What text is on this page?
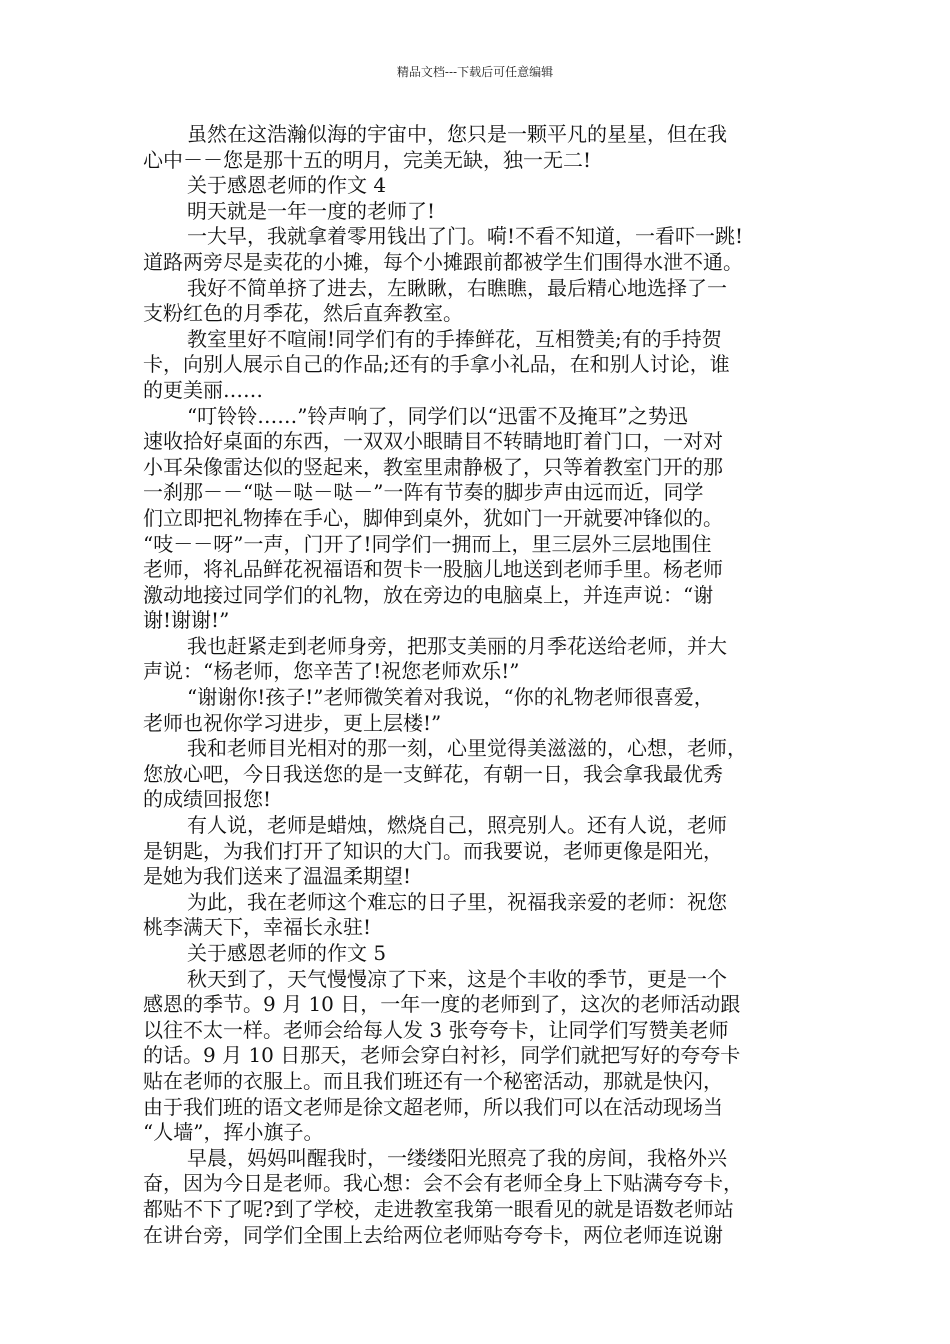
精品文档---下载后可任意编辑
虽然在这浩瀚似海的宇宙中，您只是一颗平凡的星星，但在我
心中－－您是那十五的明月，完美无缺，独一无二!
关于感恩老师的作文 4
明天就是一年一度的老师了!
一大早，我就拿着零用钱出了门。嗬!不看不知道，一看吓一跳!
道路两旁尽是卖花的小摊，每个小摊跟前都被学生们围得水泄不通。
我好不简单挤了进去，左瞅瞅，右瞧瞧，最后精心地选择了一
支粉红色的月季花，然后直奔教室。
教室里好不喧闹!同学们有的手捧鲜花，互相赞美;有的手持贺
卡，向别人展示自己的作品;还有的手拿小礼品，在和别人讨论，谁
的更美丽……
“叮铃铃……”铃声响了，同学们以“迅雷不及掩耳”之势迅
速收拾好桌面的东西，一双双小眼睛目不转睛地盯着门口，一对对
小耳朵像雷达似的竖起来，教室里肃静极了，只等着教室门开的那
一刹那－－“哒－哒－哒－”一阵有节奏的脚步声由远而近，同学
们立即把礼物捧在手心，脚伸到桌外，犹如门一开就要冲锋似的。
“吱－－呀”一声，门开了!同学们一拥而上，里三层外三层地围住
老师，将礼品鲜花祝福语和贺卡一股脑儿地送到老师手里。杨老师
激动地接过同学们的礼物，放在旁边的电脑桌上，并连声说：“谢
谢!谢谢!”
我也赶紧走到老师身旁，把那支美丽的月季花送给老师，并大
声说：“杨老师，您辛苦了!祝您老师欢乐!”
“谢谢你!孩子!”老师微笑着对我说，“你的礼物老师很喜爱，
老师也祝你学习进步，更上层楼!”
我和老师目光相对的那一刻，心里觉得美滋滋的，心想，老师，
您放心吧，今日我送您的是一支鲜花，有朝一日，我会拿我最优秀
的成绩回报您!
有人说，老师是蜡烛，燃烧自己，照亮别人。还有人说，老师
是钥匙，为我们打开了知识的大门。而我要说，老师更像是阳光，
是她为我们送来了温温柔期望!
为此，我在老师这个难忘的日子里，祝福我亲爱的老师：祝您
桃李满天下，幸福长永驻!
关于感恩老师的作文 5
秋天到了，天气慢慢凉了下来，这是个丰收的季节，更是一个
感恩的季节。9 月 10 日，一年一度的老师到了，这次的老师活动跟
以往不太一样。老师会给每人发 3 张夸夸卡，让同学们写赞美老师
的话。9 月 10 日那天，老师会穿白衬衫，同学们就把写好的夸夸卡
贴在老师的衣服上。而且我们班还有一个秘密活动，那就是快闪，
由于我们班的语文老师是徐文超老师，所以我们可以在活动现场当
“人墙”，挥小旗子。
早晨，妈妈叫醒我时，一缕缕阳光照亮了我的房间，我格外兴
奋，因为今日是老师。我心想：会不会有老师全身上下贴满夸夸卡，
都贴不下了呢?到了学校，走进教室我第一眼看见的就是语数老师站
在讲台旁，同学们全围上去给两位老师贴夸夸卡，两位老师连说谢
